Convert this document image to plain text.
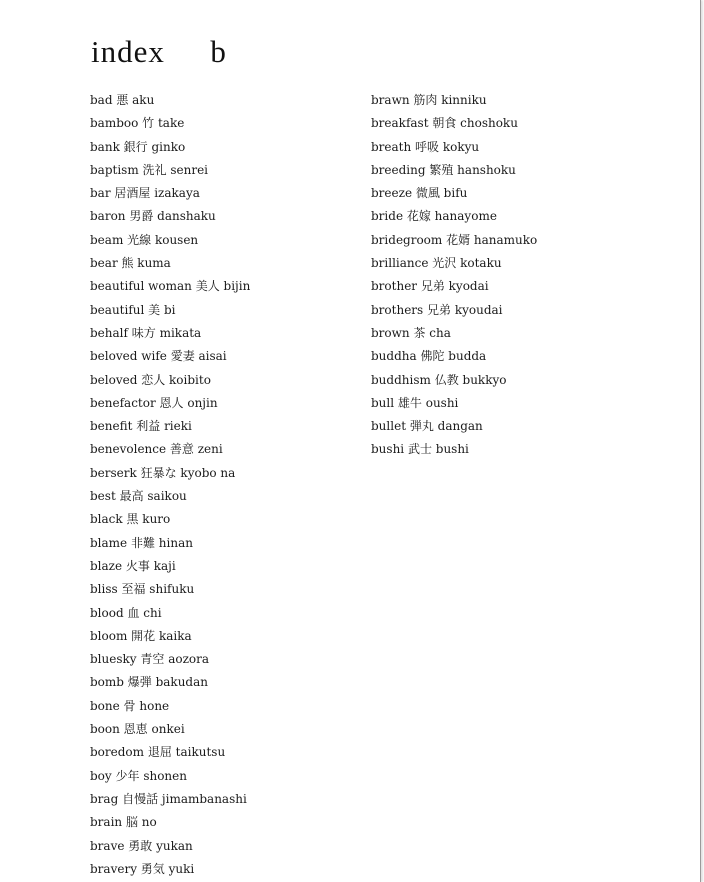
index  b
bad 悪 aku
bamboo 竹 take
bank 銀行 ginko
baptism 洗礼 senrei
bar 居酒屋 izakaya
baron 男爵 danshaku
beam 光線 kousen
bear 熊 kuma
beautiful woman 美人 bijin
beautiful 美 bi
behalf 味方 mikata
beloved wife 愛妻 aisai
beloved 恋人 koibito
benefactor 恩人 onjin
benefit 利益 rieki
benevolence 善意 zeni
berserk 狂暴な kyobo na
best 最高 saikou
black 黒 kuro
blame 非難 hinan
blaze 火事 kaji
bliss 至福 shifuku
blood 血 chi
bloom 開花 kaika
bluesky 青空 aozora
bomb 爆弾 bakudan
bone 骨 hone
boon 恩恵 onkei
boredom 退屈 taikutsu
boy 少年 shonen
brag 自慢話 jimambanashi
brain 脳 no
brave 勇敢 yukan
bravery 勇気 yuki
brawn 筋肉 kinniku
breakfast 朝食 choshoku
breath 呼吸 kokyu
breeding 繁殖 hanshoku
breeze 微風 bifu
bride 花嫁 hanayome
bridegroom 花婿 hanamuko
brilliance 光沢 kotaku
brother 兄弟 kyodai
brothers 兄弟 kyoudai
brown 茶 cha
buddha 佛陀 budda
buddhism 仏教 bukkyo
bull 雄牛 oushi
bullet 弾丸 dangan
bushi 武士 bushi
